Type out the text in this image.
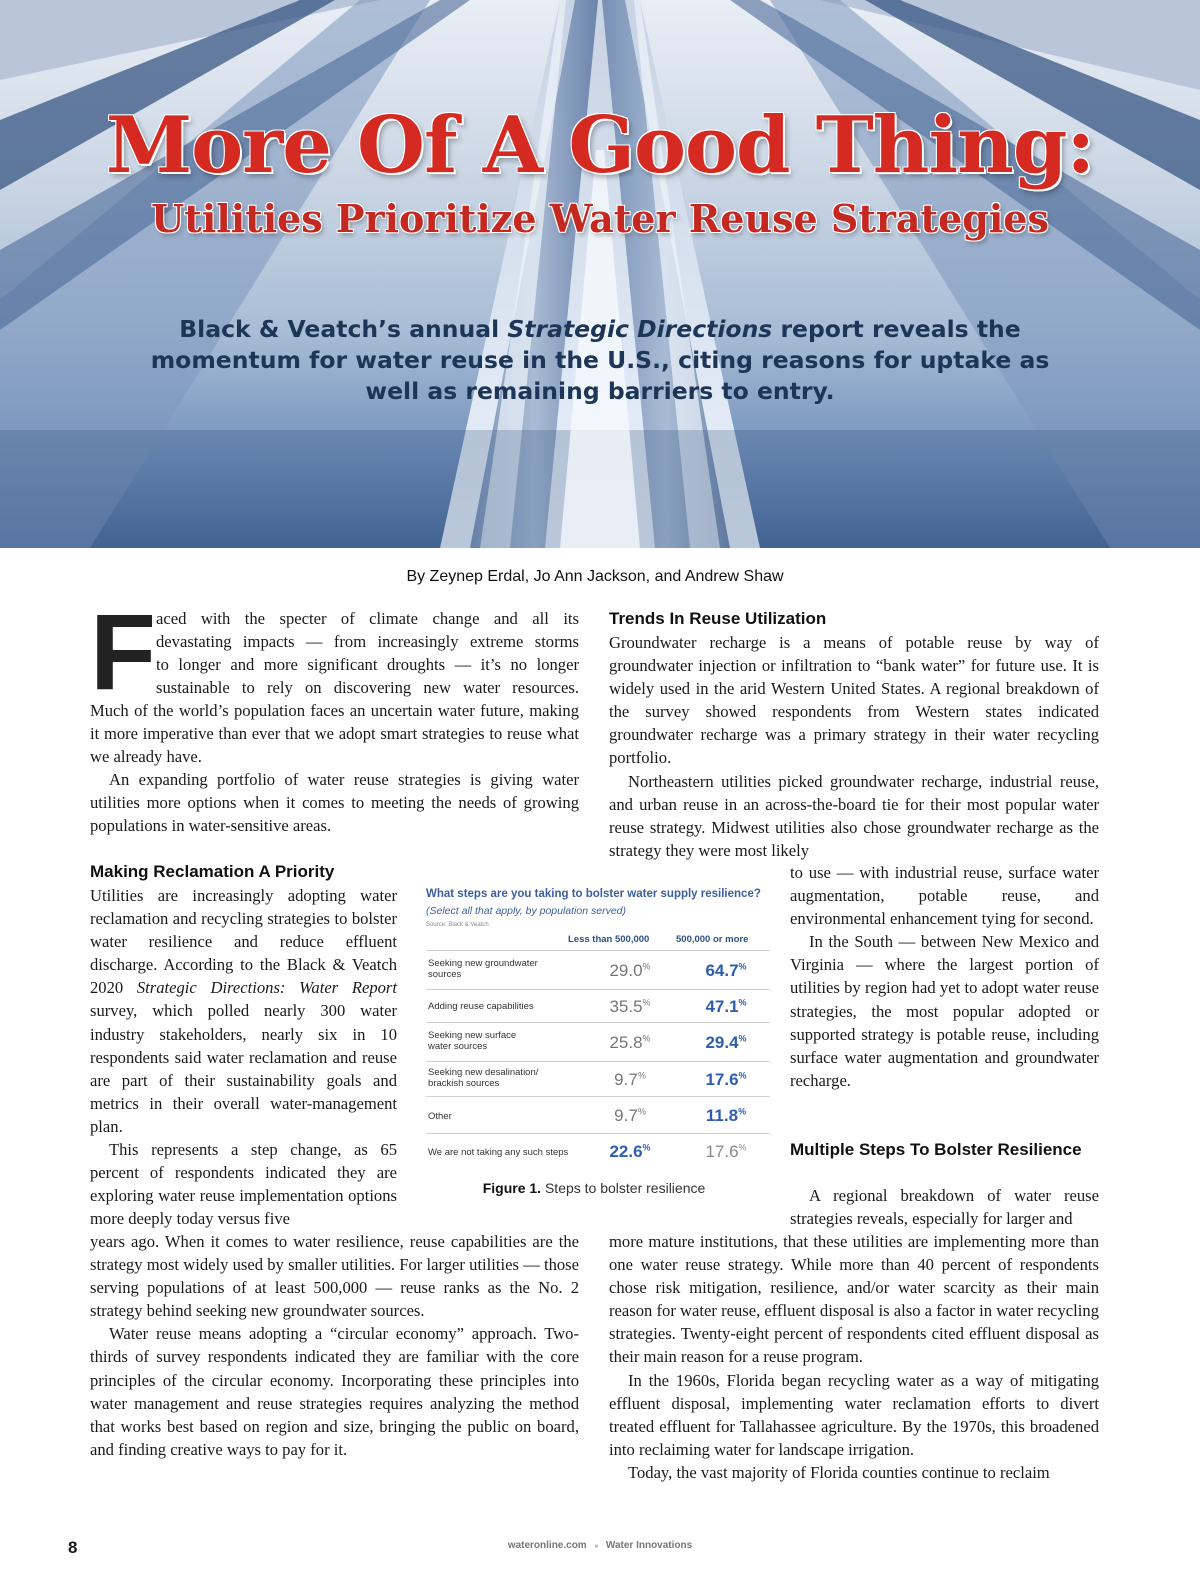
More Of A Good Thing:
Utilities Prioritize Water Reuse Strategies
Black & Veatch’s annual Strategic Directions report reveals the momentum for water reuse in the U.S., citing reasons for uptake as well as remaining barriers to entry.
By Zeynep Erdal, Jo Ann Jackson, and Andrew Shaw
F aced with the specter of climate change and all its

devastating impacts — from increasingly extreme storms

to longer and more significant droughts — it’s no longer

sustainable to rely on discovering new water resources.

Much of the world’s population faces an uncertain water future, making it more imperative than ever that we adopt smart strategies to reuse what we already have.

An expanding portfolio of water reuse strategies is giving water utilities more options when it comes to meeting the needs of growing populations in water-sensitive areas.

Making Reclamation A Priority

Utilities are increasingly adopting water reclamation and recycling strategies to bolster water resilience and reduce effluent discharge. According to the Black & Veatch 2020 Strategic Directions: Water Report survey, which polled nearly 300 water industry stakeholders, nearly six in 10 respondents said water reclamation and reuse are part of their sustainability goals and metrics in their overall water-management plan.

This represents a step change, as 65 percent of respondents indicated they are exploring water reuse implementation options more deeply today versus five

years ago. When it comes to water resilience, reuse capabilities are the strategy most widely used by smaller utilities. For larger utilities — those serving populations of at least 500,000 — reuse ranks as the No. 2 strategy behind seeking new groundwater sources.

Water reuse means adopting a “circular economy” approach. Two-thirds of survey respondents indicated they are familiar with the core principles of the circular economy. Incorporating these principles into water management and reuse strategies requires analyzing the method that works best based on region and size, bringing the public on board, and finding creative ways to pay for it.

Trends In Reuse Utilization

Groundwater recharge is a means of potable reuse by way of groundwater injection or infiltration to “bank water” for future use. It is widely used in the arid Western United States. A regional breakdown of the survey showed respondents from Western states indicated groundwater recharge was a primary strategy in their water recycling portfolio.

Northeastern utilities picked groundwater recharge, industrial reuse, and urban reuse in an across-the-board tie for their most popular water reuse strategy. Midwest utilities also chose groundwater recharge as the strategy they were most likely

to use — with industrial reuse, surface water augmentation, potable reuse, and environmental enhancement tying for second.

In the South — between New Mexico and Virginia — where the largest portion of utilities by region had yet to adopt water reuse strategies, the most popular adopted or supported strategy is potable reuse, including surface water augmentation and groundwater recharge.

Multiple Steps To Bolster Resilience

A regional breakdown of water reuse strategies reveals, especially for larger and

more mature institutions, that these utilities are implementing more than one water reuse strategy. While more than 40 percent of respondents chose risk mitigation, resilience, and/or water scarcity as their main reason for water reuse, effluent disposal is also a factor in water recycling strategies. Twenty-eight percent of respondents cited effluent disposal as their main reason for a reuse program.

In the 1960s, Florida began recycling water as a way of mitigating effluent disposal, implementing water reclamation efforts to divert treated effluent for Tallahassee agriculture. By the 1970s, this broadened into reclaiming water for landscape irrigation.

Today, the vast majority of Florida counties continue to reclaim

What steps are you taking to bolster water supply resilience?
(Select all that apply, by population served)
Source: Black & Veatch
Less than 500,000	500,000 or more
Seeking new groundwater sources	29.0%	64.7%
Adding reuse capabilities	35.5%	47.1%
Seeking new surface water sources	25.8%	29.4%
Seeking new desalination/ brackish sources	9.7%	17.6%
Other	9.7%	11.8%
We are not taking any such steps	22.6%	17.6%
Figure 1. Steps to bolster resilience
8	wateronline.com ■ Water Innovations
